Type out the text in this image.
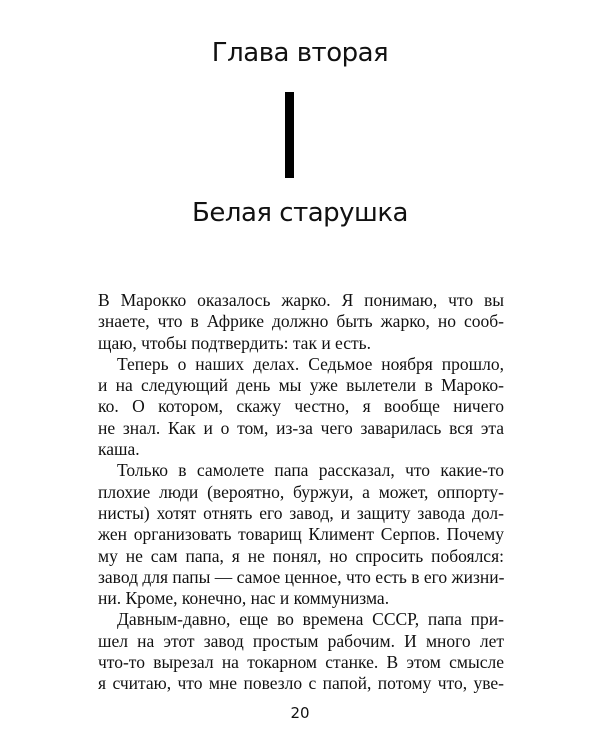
Глава вторая
Белая старушка
В Марокко оказалось жарко. Я понимаю, что вы
знаете, что в Африке должно быть жарко, но сооб-
щаю, чтобы подтвердить: так и есть.
Теперь о наших делах. Седьмое ноября прошло,
и на следующий день мы уже вылетели в Мароко-
ко. О котором, скажу честно, я вообще ничего
не знал. Как и о том, из-за чего заварилась вся эта
каша.
Только в самолете папа рассказал, что какие-то
плохие люди (вероятно, буржуи, а может, оппорту-
нисты) хотят отнять его завод, и защиту завода дол-
жен организовать товарищ Климент Серпов. Почему
му не сам папа, я не понял, но спросить побоялся:
завод для папы — самое ценное, что есть в его жизни-
ни. Кроме, конечно, нас и коммунизма.
Давным-давно, еще во времена СССР, папа при-
шел на этот завод простым рабочим. И много лет
что-то вырезал на токарном станке. В этом смысле
я считаю, что мне повезло с папой, потому что, уве-
20
